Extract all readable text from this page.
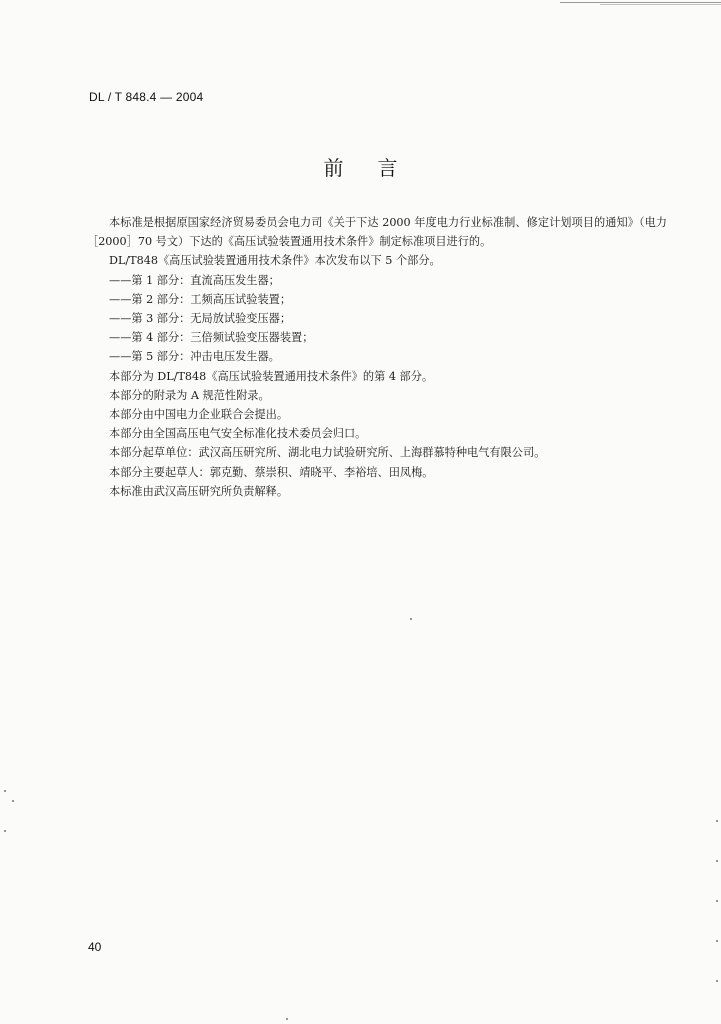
DL / T 848.4 — 2004
前言

本标准是根据原国家经济贸易委员会电力司《关于下达 2000 年度电力行业标准制、修定计划项目的通知》（电力［2000］70 号文）下达的《高压试验装置通用技术条件》制定标准项目进行的。

DL/T848《高压试验装置通用技术条件》本次发布以下 5 个部分。

——第 1 部分：直流高压发生器；
——第 2 部分：工频高压试验装置；
——第 3 部分：无局放试验变压器；
——第 4 部分：三倍频试验变压器装置；
——第 5 部分：冲击电压发生器。

本部分为 DL/T848《高压试验装置通用技术条件》的第 4 部分。

本部分的附录为 A 规范性附录。

本部分由中国电力企业联合会提出。

本部分由全国高压电气安全标准化技术委员会归口。

本部分起草单位：武汉高压研究所、湖北电力试验研究所、上海群慕特种电气有限公司。

本部分主要起草人：郭克勤、蔡崇积、靖晓平、李裕培、田凤梅。

本标准由武汉高压研究所负责解释。

40
